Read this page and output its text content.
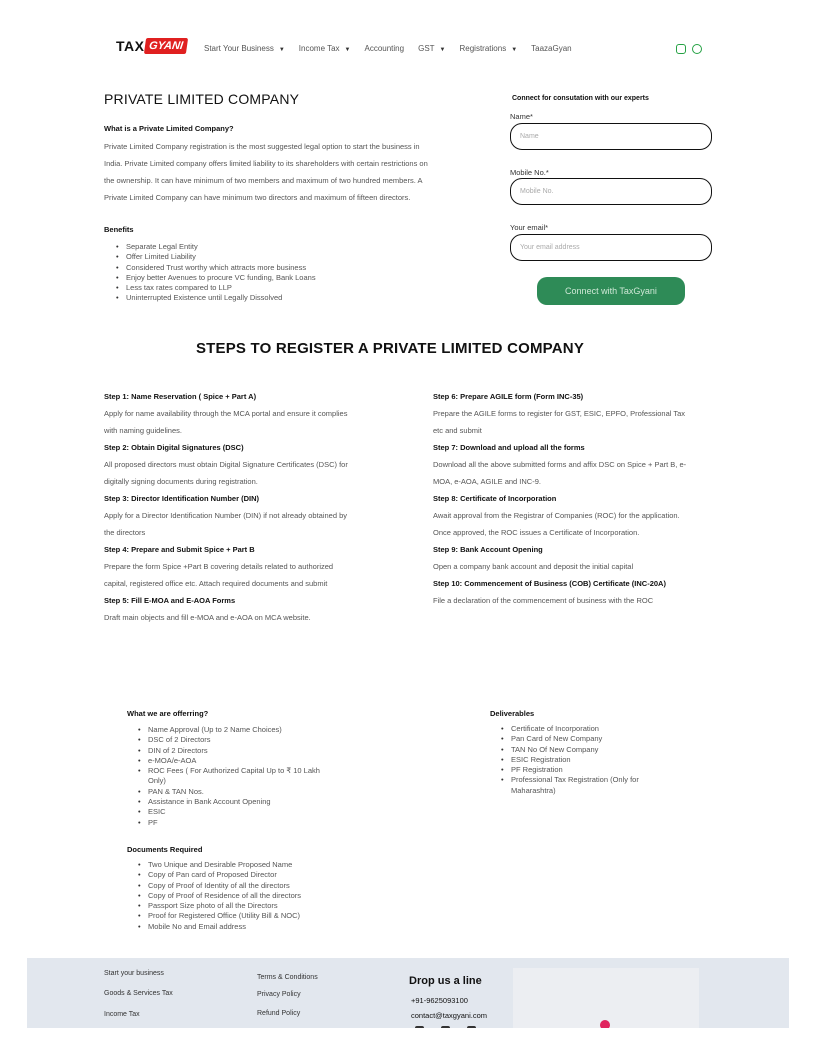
TAX GYANI	Start Your Business ▼ Income Tax ▼ Accounting GST ▼ Registrations ▼ TaazaGyan
PRIVATE LIMITED COMPANY
What is a Private Limited Company?

Private Limited Company registration is the most suggested legal option to start the business in India. Private Limited company offers limited liability to its shareholders with certain restrictions on the ownership. It can have minimum of two members and maximum of two hundred members. A Private Limited Company can have minimum two directors and maximum of fifteen directors.

Benefits
• Separate Legal Entity
• Offer Limited Liability
• Considered Trust worthy which attracts more business
• Enjoy better Avenues to procure VC funding, Bank Loans
• Less tax rates compared to LLP
• Uninterrupted Existence until Legally Dissolved
Connect for consutation with our experts
Name*
Name
Mobile No.*
Mobile No.
Your email*
Your email address
Connect with TaxGyani
STEPS TO REGISTER A PRIVATE LIMITED COMPANY
Step 1: Name Reservation ( Spice + Part A)
Apply for name availability through the MCA portal and ensure it complies with naming guidelines.
Step 2: Obtain Digital Signatures (DSC)
All proposed directors must obtain Digital Signature Certificates (DSC) for digitally signing documents during registration.
Step 3: Director Identification Number (DIN)
Apply for a Director Identification Number (DIN) if not already obtained by the directors
Step 4: Prepare and Submit Spice + Part B
Prepare the form Spice +Part B covering details related to authorized capital, registered office etc. Attach required documents and submit
Step 5: Fill E-MOA and E-AOA Forms
Draft main objects and fill e-MOA and e-AOA on MCA website.
Step 6: Prepare AGILE form (Form INC-35)
Prepare the AGILE forms to register for GST, ESIC, EPFO, Professional Tax etc and submit
Step 7: Download and upload all the forms
Download all the above submitted forms and affix DSC on Spice + Part B, e-MOA, e-AOA, AGILE and INC-9.
Step 8: Certificate of Incorporation
Await approval from the Registrar of Companies (ROC) for the application. Once approved, the ROC issues a Certificate of Incorporation.
Step 9: Bank Account Opening
Open a company bank account and deposit the initial capital
Step 10: Commencement of Business (COB) Certificate (INC-20A)
File a declaration of the commencement of business with the ROC
What we are offerring?
• Name Approval (Up to 2 Name Choices)
• DSC of 2 Directors
• DIN of 2 Directors
• e-MOA/e-AOA
• ROC Fees ( For Authorized Capital Up to ₹ 10 Lakh Only)
• PAN & TAN Nos.
• Assistance in Bank Account Opening
• ESIC
• PF
Deliverables
• Certificate of Incorporation
• Pan Card of New Company
• TAN No Of New Company
• ESIC Registration
• PF Registration
• Professional Tax Registration (Only for Maharashtra)
Documents Required
• Two Unique and Desirable Proposed Name
• Copy of Pan card of Proposed Director
• Copy of Proof of Identity of all the directors
• Copy of Proof of Residence of all the directors
• Passport Size photo of all the Directors
• Proof for Registered Office (Utility Bill & NOC)
• Mobile No and Email address
Start your business
Goods & Services Tax
Income Tax
Terms & Conditions
Privacy Policy
Refund Policy
Drop us a line
+91-9625093100
contact@taxgyani.com
